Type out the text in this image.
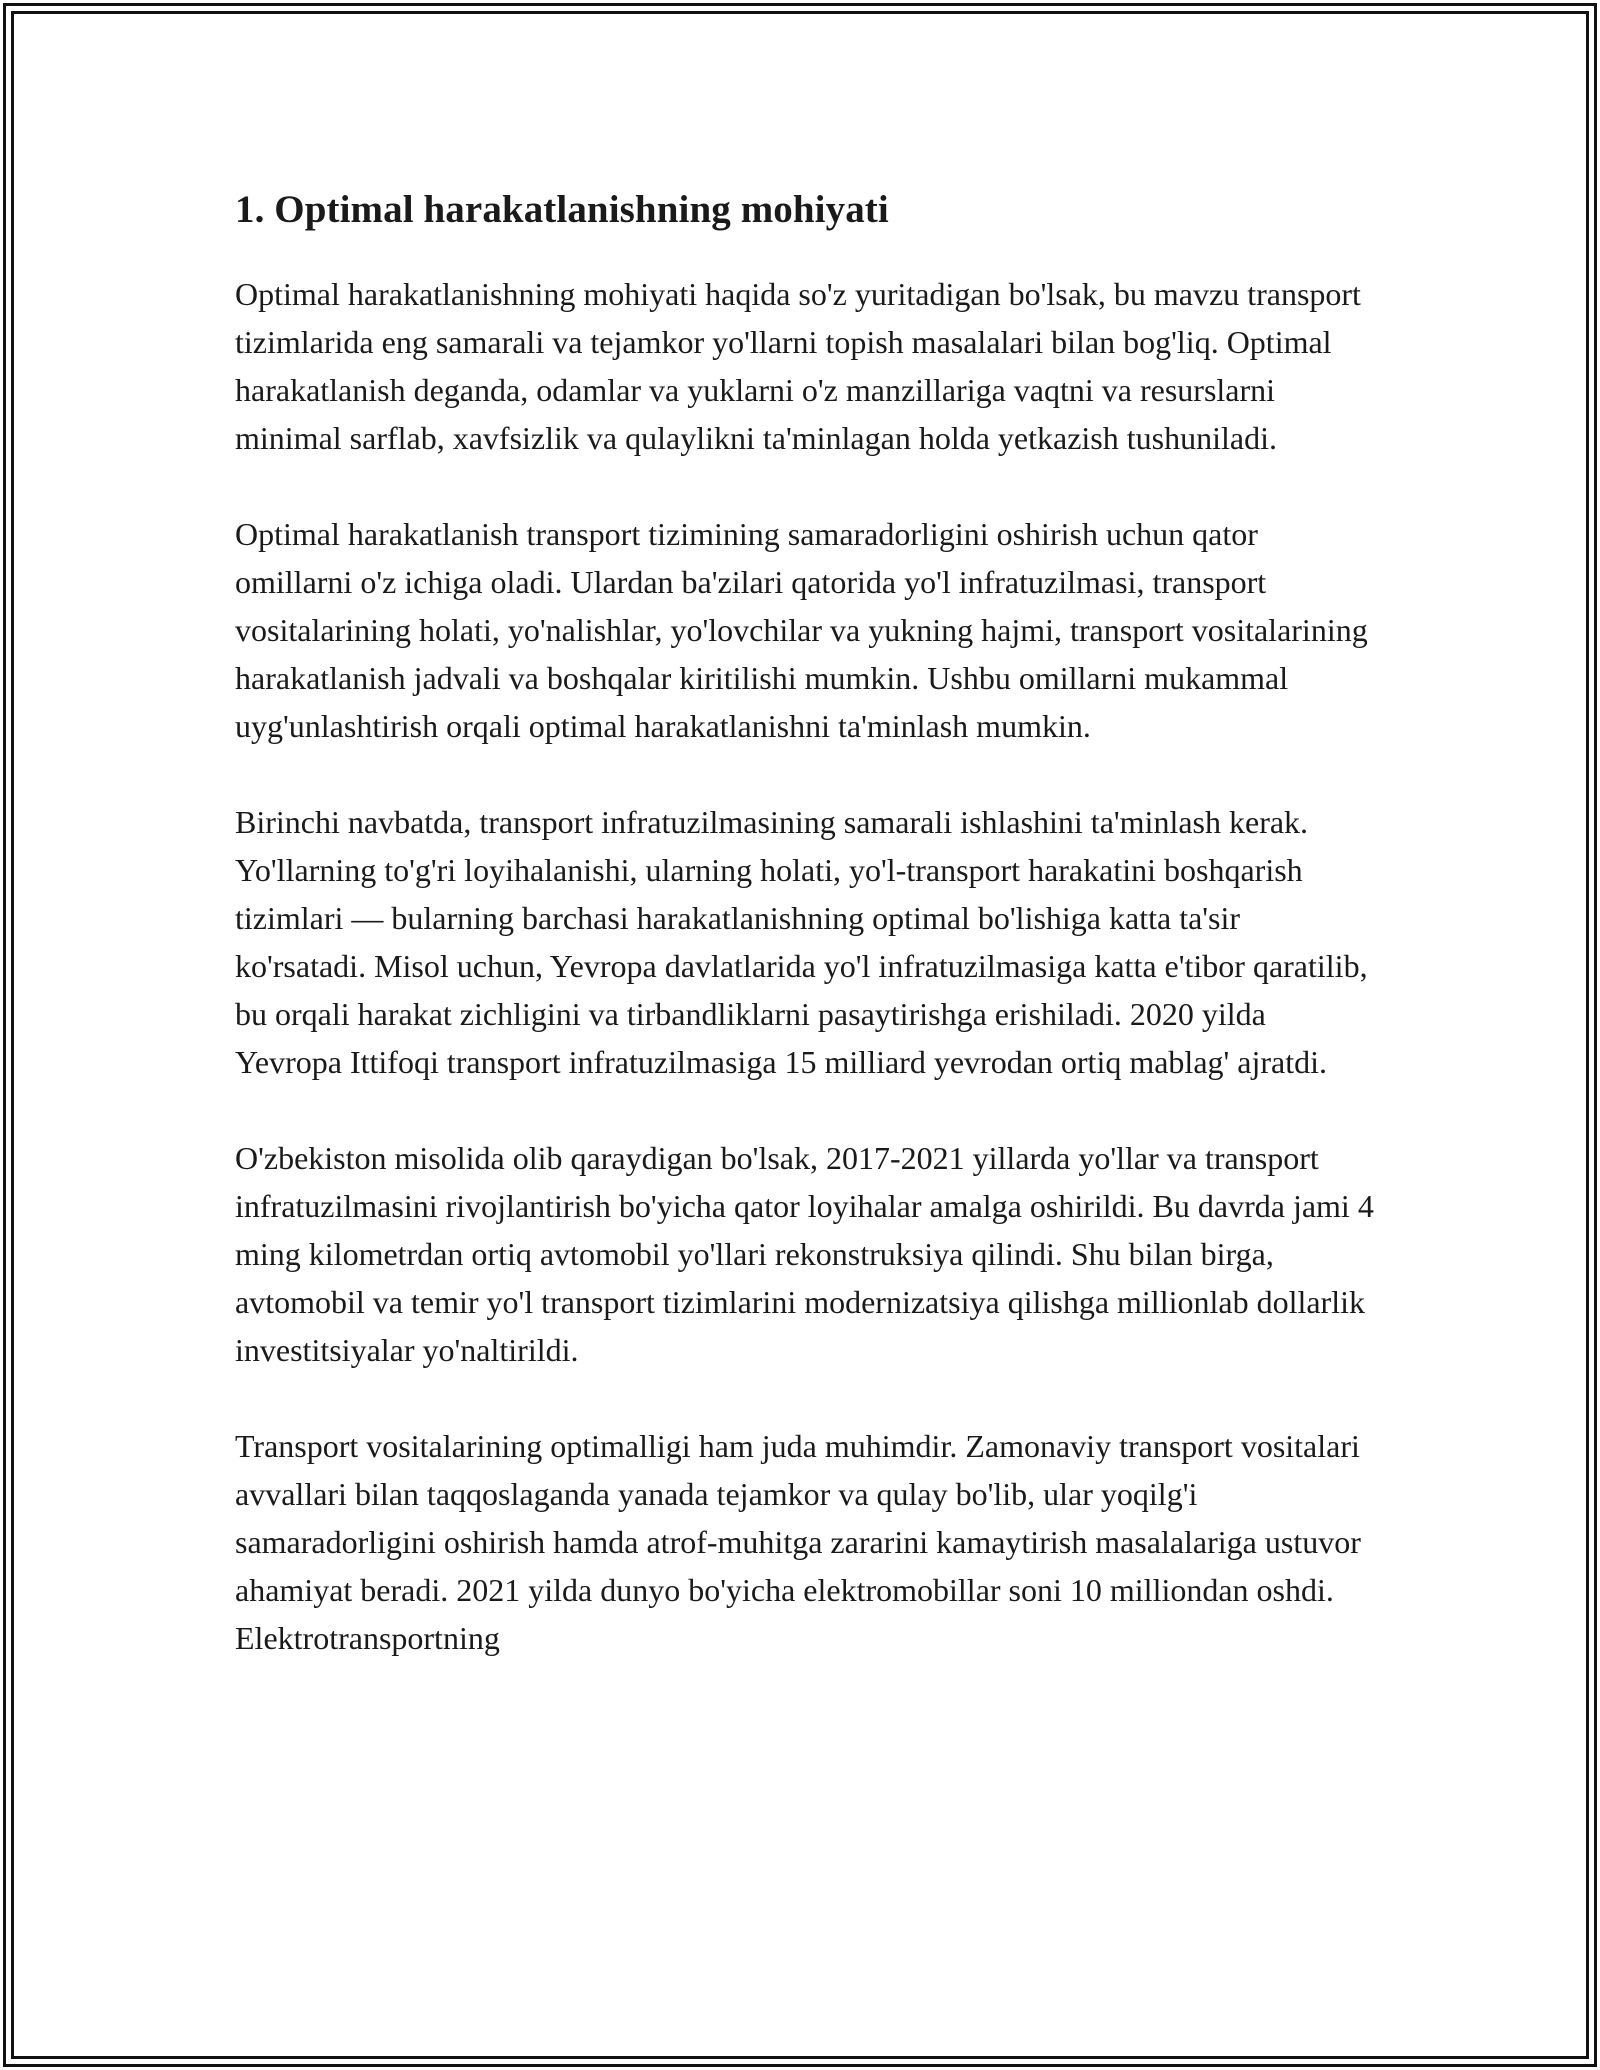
1. Optimal harakatlanishning mohiyati

Optimal harakatlanishning mohiyati haqida so'z yuritadigan bo'lsak, bu mavzu transport tizimlarida eng samarali va tejamkor yo'llarni topish masalalari bilan bog'liq. Optimal harakatlanish deganda, odamlar va yuklarni o'z manzillariga vaqtni va resurslarni minimal sarflab, xavfsizlik va qulaylikni ta'minlagan holda yetkazish tushuniladi.

Optimal harakatlanish transport tizimining samaradorligini oshirish uchun qator omillarni o'z ichiga oladi. Ulardan ba'zilari qatorida yo'l infratuzilmasi, transport vositalarining holati, yo'nalishlar, yo'lovchilar va yukning hajmi, transport vositalarining harakatlanish jadvali va boshqalar kiritilishi mumkin. Ushbu omillarni mukammal uyg'unlashtirish orqali optimal harakatlanishni ta'minlash mumkin.

Birinchi navbatda, transport infratuzilmasining samarali ishlashini ta'minlash kerak. Yo'llarning to'g'ri loyihalanishi, ularning holati, yo'l-transport harakatini boshqarish tizimlari — bularning barchasi harakatlanishning optimal bo'lishiga katta ta'sir ko'rsatadi. Misol uchun, Yevropa davlatlarida yo'l infratuzilmasiga katta e'tibor qaratilib, bu orqali harakat zichligini va tirbandliklarni pasaytirishga erishiladi. 2020 yilda Yevropa Ittifoqi transport infratuzilmasiga 15 milliard yevrodan ortiq mablag' ajratdi.

O'zbekiston misolida olib qaraydigan bo'lsak, 2017-2021 yillarda yo'llar va transport infratuzilmasini rivojlantirish bo'yicha qator loyihalar amalga oshirildi. Bu davrda jami 4 ming kilometrdan ortiq avtomobil yo'llari rekonstruksiya qilindi. Shu bilan birga, avtomobil va temir yo'l transport tizimlarini modernizatsiya qilishga millionlab dollarlik investitsiyalar yo'naltirildi.

Transport vositalarining optimalligi ham juda muhimdir. Zamonaviy transport vositalari avvallari bilan taqqoslaganda yanada tejamkor va qulay bo'lib, ular yoqilg'i samaradorligini oshirish hamda atrof-muhitga zararini kamaytirish masalalariga ustuvor ahamiyat beradi. 2021 yilda dunyo bo'yicha elektromobillar soni 10 milliondan oshdi. Elektrotransportning
